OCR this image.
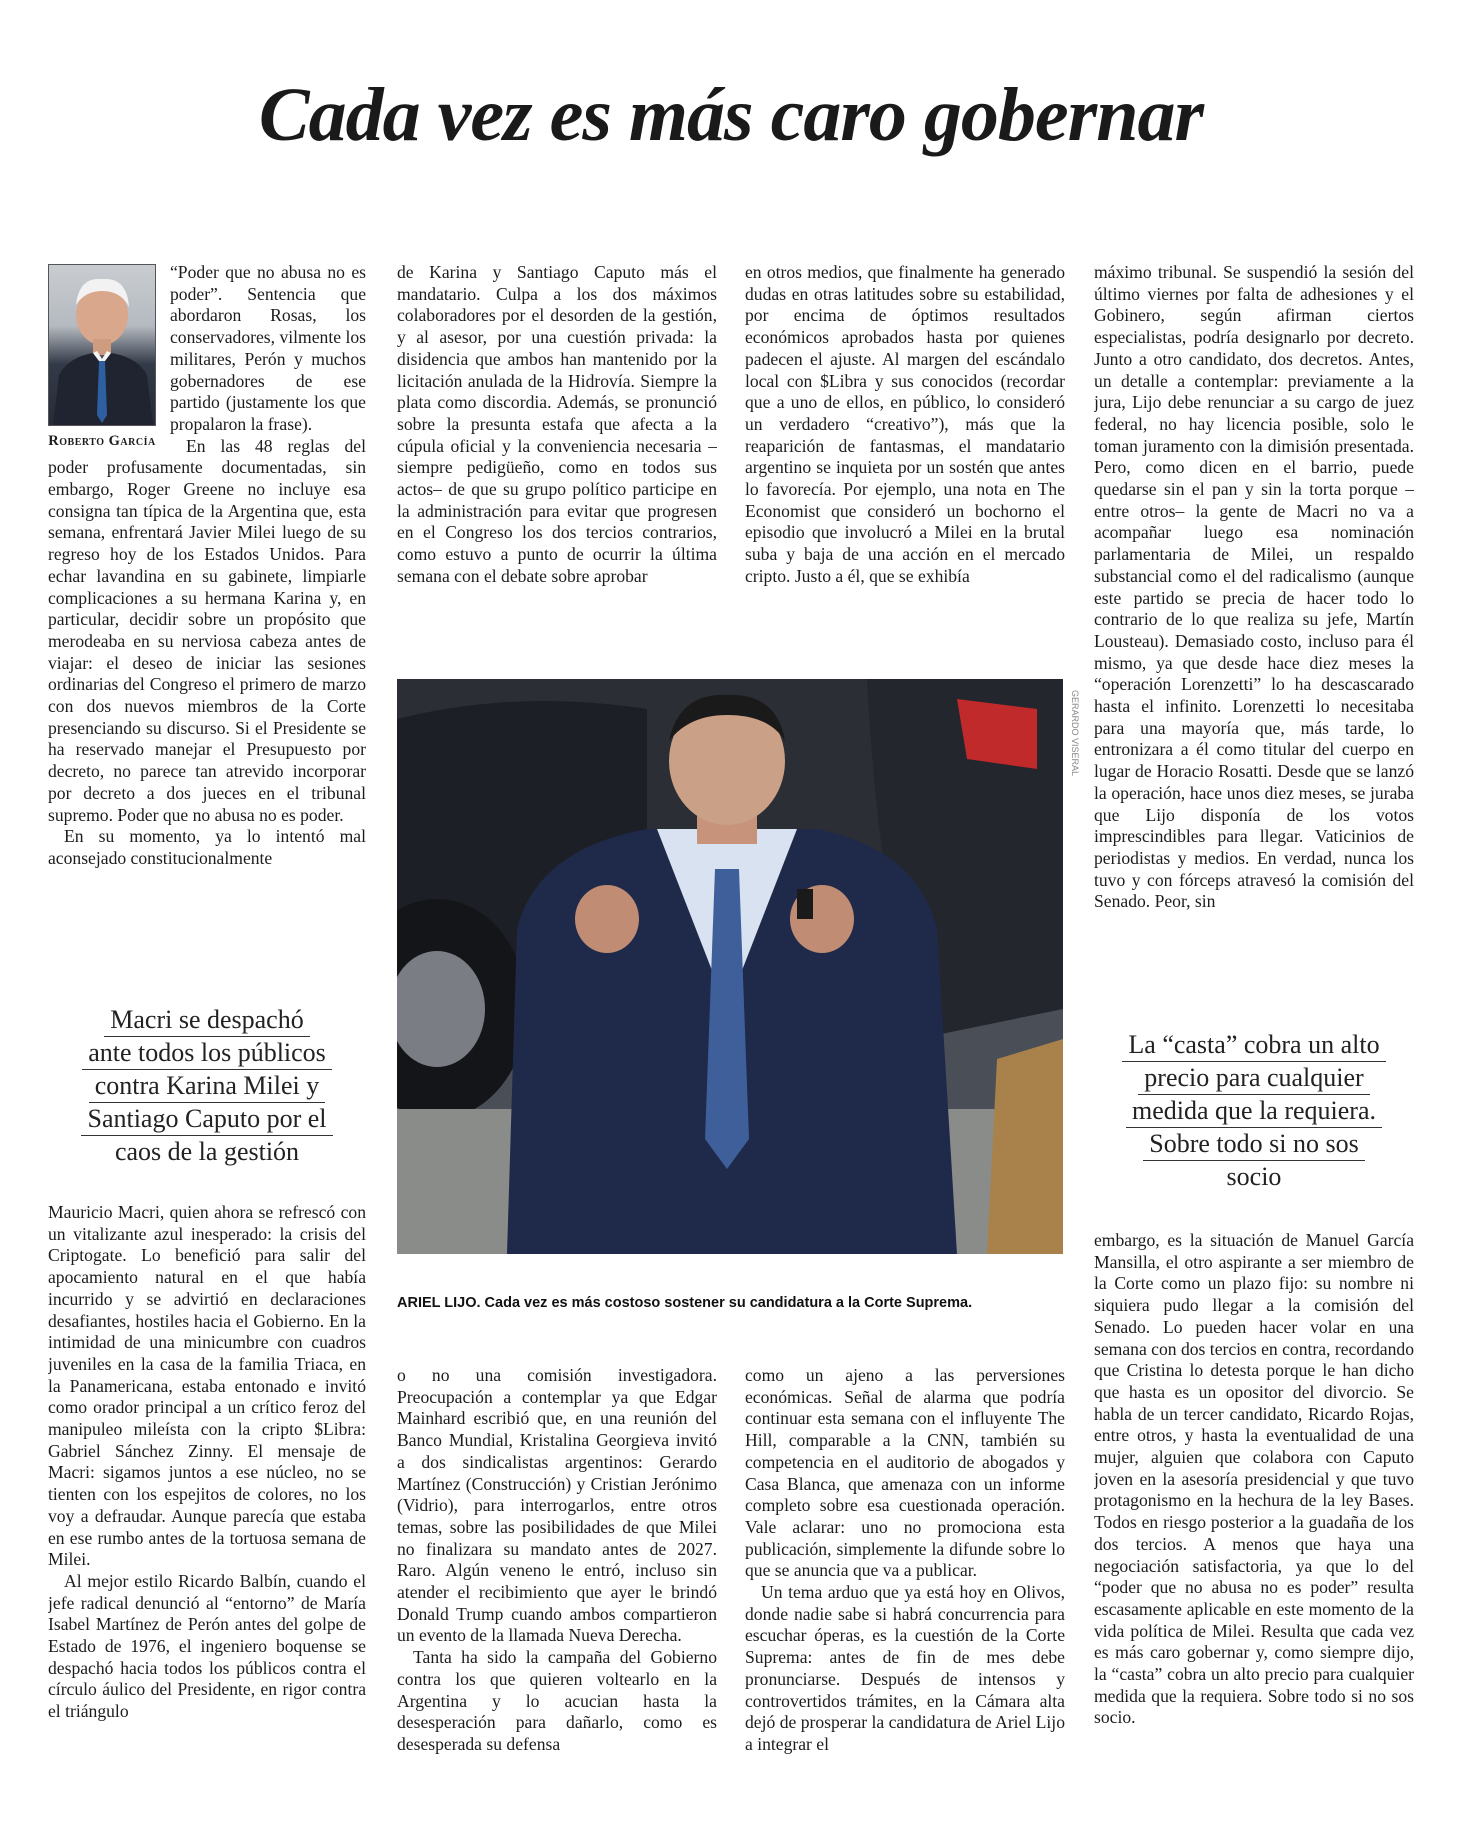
Cada vez es más caro gobernar
Roberto García

“Poder que no abusa no es poder”. Sentencia que abordaron Rosas, los conservadores, vilmente los militares, Perón y muchos gobernadores de ese partido (justamente los que propalaron la frase).

En las 48 reglas del poder profusamente documentadas, sin embargo, Roger Greene no incluye esa consigna tan típica de la Argentina que, esta semana, enfrentará Javier Milei luego de su regreso hoy de los Estados Unidos. Para echar lavandina en su gabinete, limpiarle complicaciones a su hermana Karina y, en particular, decidir sobre un propósito que merodeaba en su nerviosa cabeza antes de viajar: el deseo de iniciar las sesiones ordinarias del Congreso el primero de marzo con dos nuevos miembros de la Corte presenciando su discurso. Si el Presidente se ha reservado manejar el Presupuesto por decreto, no parece tan atrevido incorporar por decreto a dos jueces en el tribunal supremo. Poder que no abusa no es poder.

En su momento, ya lo intentó mal aconsejado constitucionalmente

Macri se despachó
ante todos los públicos
contra Karina Milei y
Santiago Caputo por el
caos de la gestión

Mauricio Macri, quien ahora se refrescó con un vitalizante azul inesperado: la crisis del Criptogate. Lo benefició para salir del apocamiento natural en el que había incurrido y se advirtió en declaraciones desafiantes, hostiles hacia el Gobierno. En la intimidad de una minicumbre con cuadros juveniles en la casa de la familia Triaca, en la Panamericana, estaba entonado e invitó como orador principal a un crítico feroz del manipuleo mileísta con la cripto $Libra: Gabriel Sánchez Zinny. El mensaje de Macri: sigamos juntos a ese núcleo, no se tienten con los espejitos de colores, no los voy a defraudar. Aunque parecía que estaba en ese rumbo antes de la tortuosa semana de Milei.

Al mejor estilo Ricardo Balbín, cuando el jefe radical denunció al “entorno” de María Isabel Martínez de Perón antes del golpe de Estado de 1976, el ingeniero boquense se despachó hacia todos los públicos contra el círculo áulico del Presidente, en rigor contra el triángulo

de Karina y Santiago Caputo más el mandatario. Culpa a los dos máximos colaboradores por el desorden de la gestión, y al asesor, por una cuestión privada: la disidencia que ambos han mantenido por la licitación anulada de la Hidrovía. Siempre la plata como discordia. Además, se pronunció sobre la presunta estafa que afecta a la cúpula oficial y la conveniencia necesaria –siempre pedigüeño, como en todos sus actos– de que su grupo político participe en la administración para evitar que progresen en el Congreso los dos tercios contrarios, como estuvo a punto de ocurrir la última semana con el debate sobre aprobar

en otros medios, que finalmente ha generado dudas en otras latitudes sobre su estabilidad, por encima de óptimos resultados económicos aprobados hasta por quienes padecen el ajuste. Al margen del escándalo local con $Libra y sus conocidos (recordar que a uno de ellos, en público, lo consideró un verdadero “creativo”), más que la reaparición de fantasmas, el mandatario argentino se inquieta por un sostén que antes lo favorecía. Por ejemplo, una nota en The Economist que consideró un bochorno el episodio que involucró a Milei en la brutal suba y baja de una acción en el mercado cripto. Justo a él, que se exhibía

GERARDO VISERAL
ARIEL LIJO. Cada vez es más costoso sostener su candidatura a la Corte Suprema.

o no una comisión investigadora. Preocupación a contemplar ya que Edgar Mainhard escribió que, en una reunión del Banco Mundial, Kristalina Georgieva invitó a dos sindicalistas argentinos: Gerardo Martínez (Construcción) y Cristian Jerónimo (Vidrio), para interrogarlos, entre otros temas, sobre las posibilidades de que Milei no finalizara su mandato antes de 2027. Raro. Algún veneno le entró, incluso sin atender el recibimiento que ayer le brindó Donald Trump cuando ambos compartieron un evento de la llamada Nueva Derecha.

Tanta ha sido la campaña del Gobierno contra los que quieren voltearlo en la Argentina y lo acucian hasta la desesperación para dañarlo, como es desesperada su defensa

como un ajeno a las perversiones económicas. Señal de alarma que podría continuar esta semana con el influyente The Hill, comparable a la CNN, también su competencia en el auditorio de abogados y Casa Blanca, que amenaza con un informe completo sobre esa cuestionada operación. Vale aclarar: uno no promociona esta publicación, simplemente la difunde sobre lo que se anuncia que va a publicar.

Un tema arduo que ya está hoy en Olivos, donde nadie sabe si habrá concurrencia para escuchar óperas, es la cuestión de la Corte Suprema: antes de fin de mes debe pronunciarse. Después de intensos y controvertidos trámites, en la Cámara alta dejó de prosperar la candidatura de Ariel Lijo a integrar el

máximo tribunal. Se suspendió la sesión del último viernes por falta de adhesiones y el Gobinero, según afirman ciertos especialistas, podría designarlo por decreto. Junto a otro candidato, dos decretos. Antes, un detalle a contemplar: previamente a la jura, Lijo debe renunciar a su cargo de juez federal, no hay licencia posible, solo le toman juramento con la dimisión presentada. Pero, como dicen en el barrio, puede quedarse sin el pan y sin la torta porque –entre otros– la gente de Macri no va a acompañar luego esa nominación parlamentaria de Milei, un respaldo substancial como el del radicalismo (aunque este partido se precia de hacer todo lo contrario de lo que realiza su jefe, Martín Lousteau). Demasiado costo, incluso para él mismo, ya que desde hace diez meses la “operación Lorenzetti” lo ha descascarado hasta el infinito. Lorenzetti lo necesitaba para una mayoría que, más tarde, lo entronizara a él como titular del cuerpo en lugar de Horacio Rosatti. Desde que se lanzó la operación, hace unos diez meses, se juraba que Lijo disponía de los votos imprescindibles para llegar. Vaticinios de periodistas y medios. En verdad, nunca los tuvo y con fórceps atravesó la comisión del Senado. Peor, sin

La “casta” cobra un alto
precio para cualquier
medida que la requiera.
Sobre todo si no sos
socio

embargo, es la situación de Manuel García Mansilla, el otro aspirante a ser miembro de la Corte como un plazo fijo: su nombre ni siquiera pudo llegar a la comisión del Senado. Lo pueden hacer volar en una semana con dos tercios en contra, recordando que Cristina lo detesta porque le han dicho que hasta es un opositor del divorcio. Se habla de un tercer candidato, Ricardo Rojas, entre otros, y hasta la eventualidad de una mujer, alguien que colabora con Caputo joven en la asesoría presidencial y que tuvo protagonismo en la hechura de la ley Bases. Todos en riesgo posterior a la guadaña de los dos tercios. A menos que haya una negociación satisfactoria, ya que lo del “poder que no abusa no es poder” resulta escasamente aplicable en este momento de la vida política de Milei. Resulta que cada vez es más caro gobernar y, como siempre dijo, la “casta” cobra un alto precio para cualquier medida que la requiera. Sobre todo si no sos socio.
